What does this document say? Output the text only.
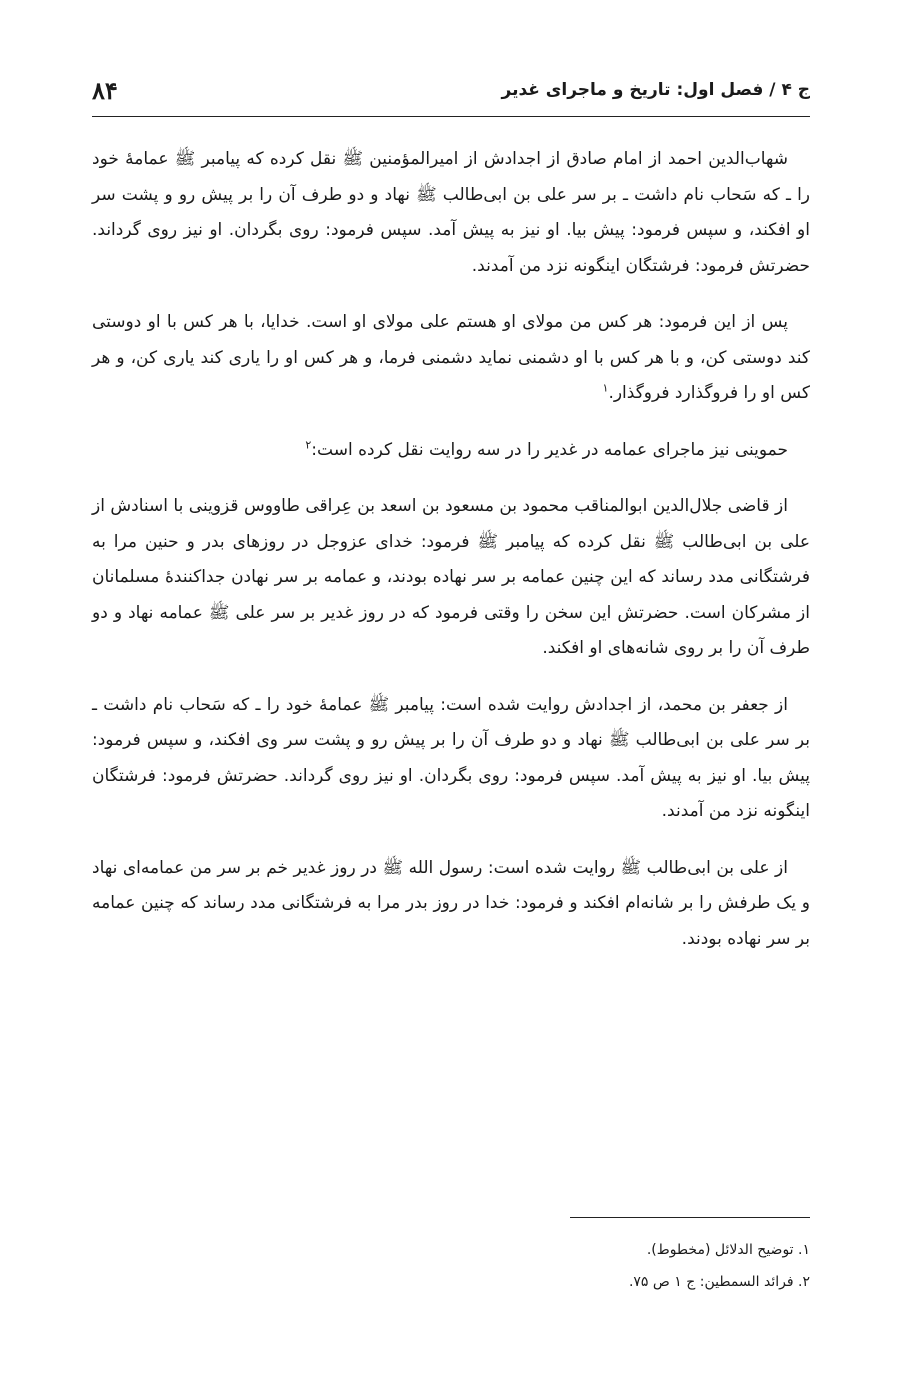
ج ۴ / فصل اول: تاریخ و ماجرای غدیر
۸۴

شهاب‌الدین احمد از امام صادق از اجدادش از امیرالمؤمنین ﷺ نقل کرده که پیامبر ﷺ عمامهٔ خود را ـ که سَحاب نام داشت ـ بر سر علی بن ابی‌طالب ﷺ نهاد و دو طرف آن را بر پیش رو و پشت سر او افکند، و سپس فرمود: پیش بیا. او نیز به پیش آمد. سپس فرمود: روی بگردان. او نیز روی گرداند. حضرتش فرمود: فرشتگان اینگونه نزد من آمدند.

پس از این فرمود: هر کس من مولای او هستم علی مولای او است. خدایا، با هر کس با او دوستی کند دوستی کن، و با هر کس با او دشمنی نماید دشمنی فرما، و هر کس او را یاری کند یاری کن، و هر کس او را فروگذارد فروگذار.$^۱$

حموینی نیز ماجرای عمامه در غدیر را در سه روایت نقل کرده است:$^۲$

از قاضی جلال‌الدین ابوالمناقب محمود بن مسعود بن اسعد بن عِراقی طاووس قزوینی با اسنادش از علی بن ابی‌طالب ﷺ نقل کرده که پیامبر ﷺ فرمود: خدای عزوجل در روزهای بدر و حنین مرا به فرشتگانی مدد رساند که این چنین عمامه بر سر نهاده بودند، و عمامه بر سر نهادن جداکنندهٔ مسلمانان از مشرکان است. حضرتش این سخن را وقتی فرمود که در روز غدیر بر سر علی ﷺ عمامه نهاد و دو طرف آن را بر روی شانه‌های او افکند.

از جعفر بن محمد، از اجدادش روایت شده است: پیامبر ﷺ عمامهٔ خود را ـ که سَحاب نام داشت ـ بر سر علی بن ابی‌طالب ﷺ نهاد و دو طرف آن را بر پیش رو و پشت سر وی افکند، و سپس فرمود: پیش بیا. او نیز به پیش آمد. سپس فرمود: روی بگردان. او نیز روی گرداند. حضرتش فرمود: فرشتگان اینگونه نزد من آمدند.

از علی بن ابی‌طالب ﷺ روایت شده است: رسول الله ﷺ در روز غدیر خم بر سر من عمامه‌ای نهاد و یک طرفش را بر شانه‌ام افکند و فرمود: خدا در روز بدر مرا به فرشتگانی مدد رساند که چنین عمامه بر سر نهاده بودند.

۱. توضیح الدلائل (مخطوط).
۲. فرائد السمطین: ج ۱ ص ۷۵.
